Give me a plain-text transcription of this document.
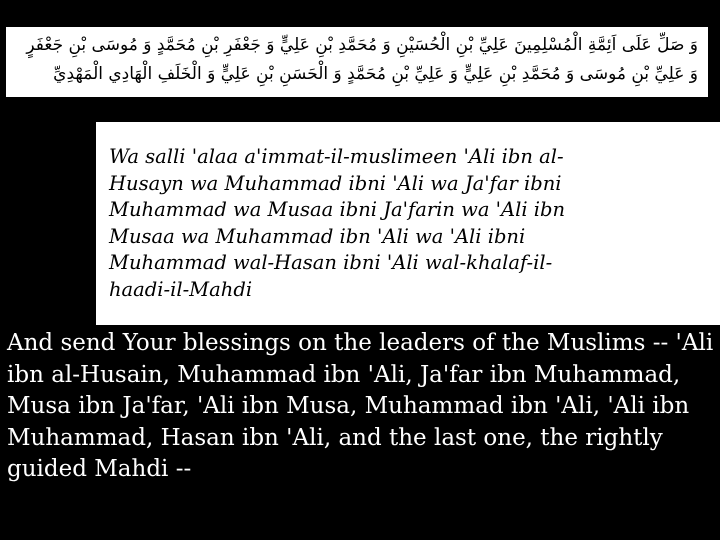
وَ صَلِّ عَلَى اَئِمَّةِ الْمُسْلِمِينَ عَلِيِّ بْنِ الْحُسَيْنِ وَ مُحَمَّدِ بْنِ عَلِيٍّ وَ جَعْفَرِ بْنِ مُحَمَّدٍ وَ مُوسَى بْنِ جَعْفَرٍ
وَ عَلِيِّ بْنِ مُوسَى وَ مُحَمَّدِ بْنِ عَلِيٍّ وَ عَلِيِّ بْنِ مُحَمَّدٍ وَ الْحَسَنِ بْنِ عَلِيٍّ وَ الْخَلَفِ الْهَادِي الْمَهْدِيِّ

Wa salli 'alaa a'immat-il-muslimeen 'Ali ibn al-Husayn wa Muhammad ibni 'Ali wa Ja'far ibni Muhammad wa Musaa ibni Ja'farin wa 'Ali ibn Musaa wa Muhammad ibn 'Ali wa 'Ali ibni Muhammad wal-Hasan ibni 'Ali wal-khalaf-il-haadi-il-Mahdi

And send Your blessings on the leaders of the Muslims -- 'Ali ibn al-Husain, Muhammad ibn 'Ali, Ja'far ibn Muhammad, Musa ibn Ja'far, 'Ali ibn Musa, Muhammad ibn 'Ali, 'Ali ibn Muhammad, Hasan ibn 'Ali, and the last one, the rightly guided Mahdi --
